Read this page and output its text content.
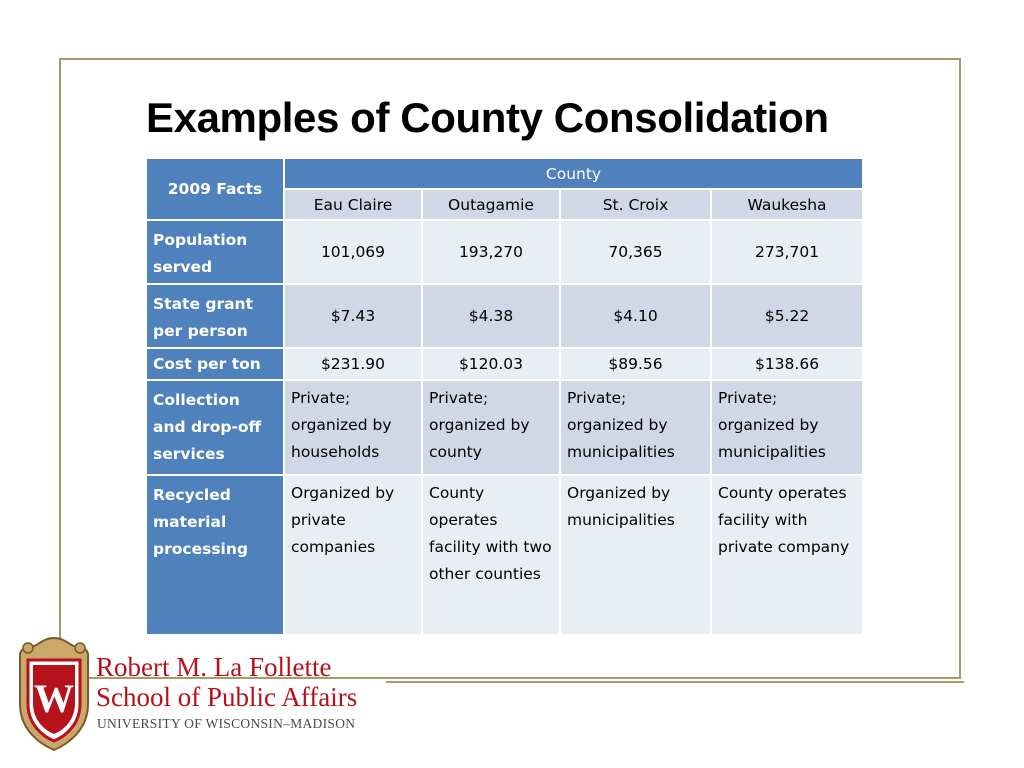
Examples of County Consolidation
2009 Facts	County			
	Eau Claire	Outagamie	St. Croix	Waukesha
Population served	101,069	193,270	70,365	273,701
State grant per person	$7.43	$4.38	$4.10	$5.22
Cost per ton	$231.90	$120.03	$89.56	$138.66
Collection and drop-off services	Private; organized by households	Private; organized by county	Private; organized by municipalities	Private; organized by municipalities
Recycled material processing	Organized by private companies	County operates facility with two other counties	Organized by municipalities	County operates facility with private company
W
Robert M. La Follette
School of Public Affairs
UNIVERSITY OF WISCONSIN–MADISON
